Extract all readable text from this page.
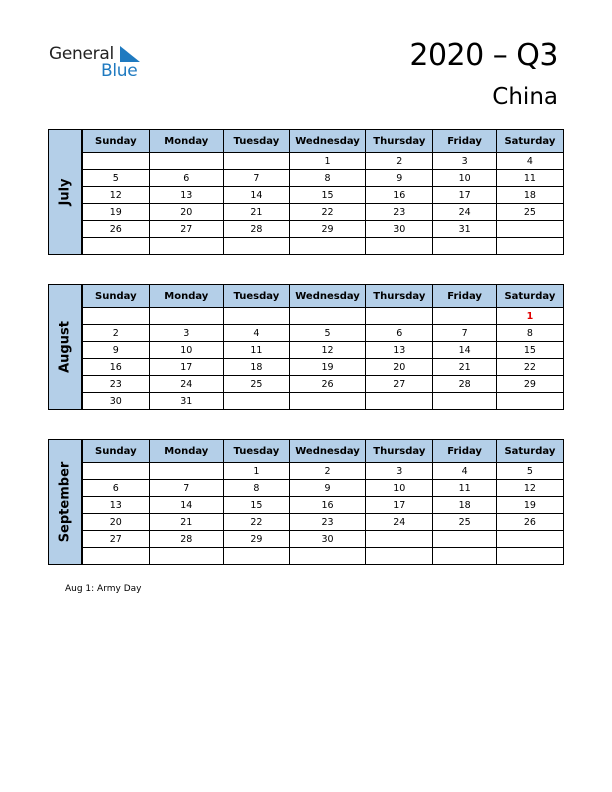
General
Blue	2020 – Q3
China
July
Sunday	Monday	Tuesday	Wednesday	Thursday	Friday	Saturday
			1	2	3	4
5	6	7	8	9	10	11
12	13	14	15	16	17	18
19	20	21	22	23	24	25
26	27	28	29	30	31	

August
Sunday	Monday	Tuesday	Wednesday	Thursday	Friday	Saturday
						1
2	3	4	5	6	7	8
9	10	11	12	13	14	15
16	17	18	19	20	21	22
23	24	25	26	27	28	29
30	31					
September
Sunday	Monday	Tuesday	Wednesday	Thursday	Friday	Saturday
		1	2	3	4	5
6	7	8	9	10	11	12
13	14	15	16	17	18	19
20	21	22	23	24	25	26
27	28	29	30			

Aug 1: Army Day
